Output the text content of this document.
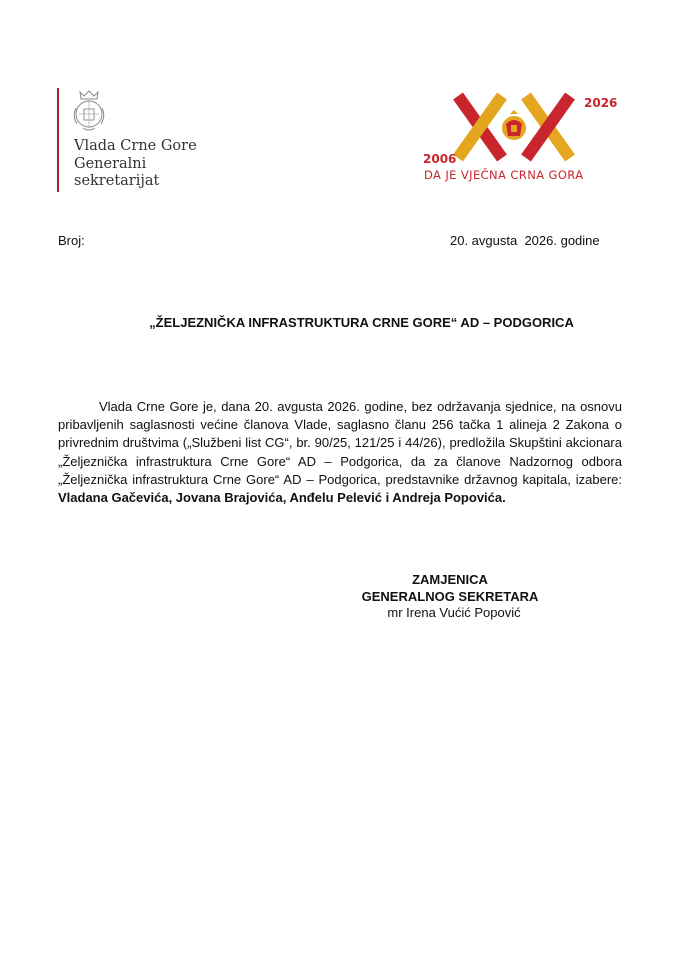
Vlada Crne Gore
Generalni
sekretarijat
2026
2006
DA JE VJEČNA CRNA GORA
Broj:	20. avgusta  2026. godine
„ŽELJEZNIČKA INFRASTRUKTURA CRNE GORE“ AD – PODGORICA

Vlada Crne Gore je, dana 20. avgusta 2026. godine, bez održavanja sjednice, na osnovu pribavljenih saglasnosti većine članova Vlade, saglasno članu 256 tačka 1 alineja 2 Zakona o privrednim društvima („Službeni list CG“, br. 90/25, 121/25 i 44/26), predložila Skupštini akcionara „Željeznička infrastruktura Crne Gore“ AD – Podgorica, da za članove Nadzornog odbora „Željeznička infrastruktura Crne Gore“ AD – Podgorica, predstavnike državnog kapitala, izabere: Vladana Gačevića, Jovana Brajovića, Anđelu Pelević i Andreja Popovića.

ZAMJENICA
GENERALNOG SEKRETARA
mr Irena Vućić Popović
